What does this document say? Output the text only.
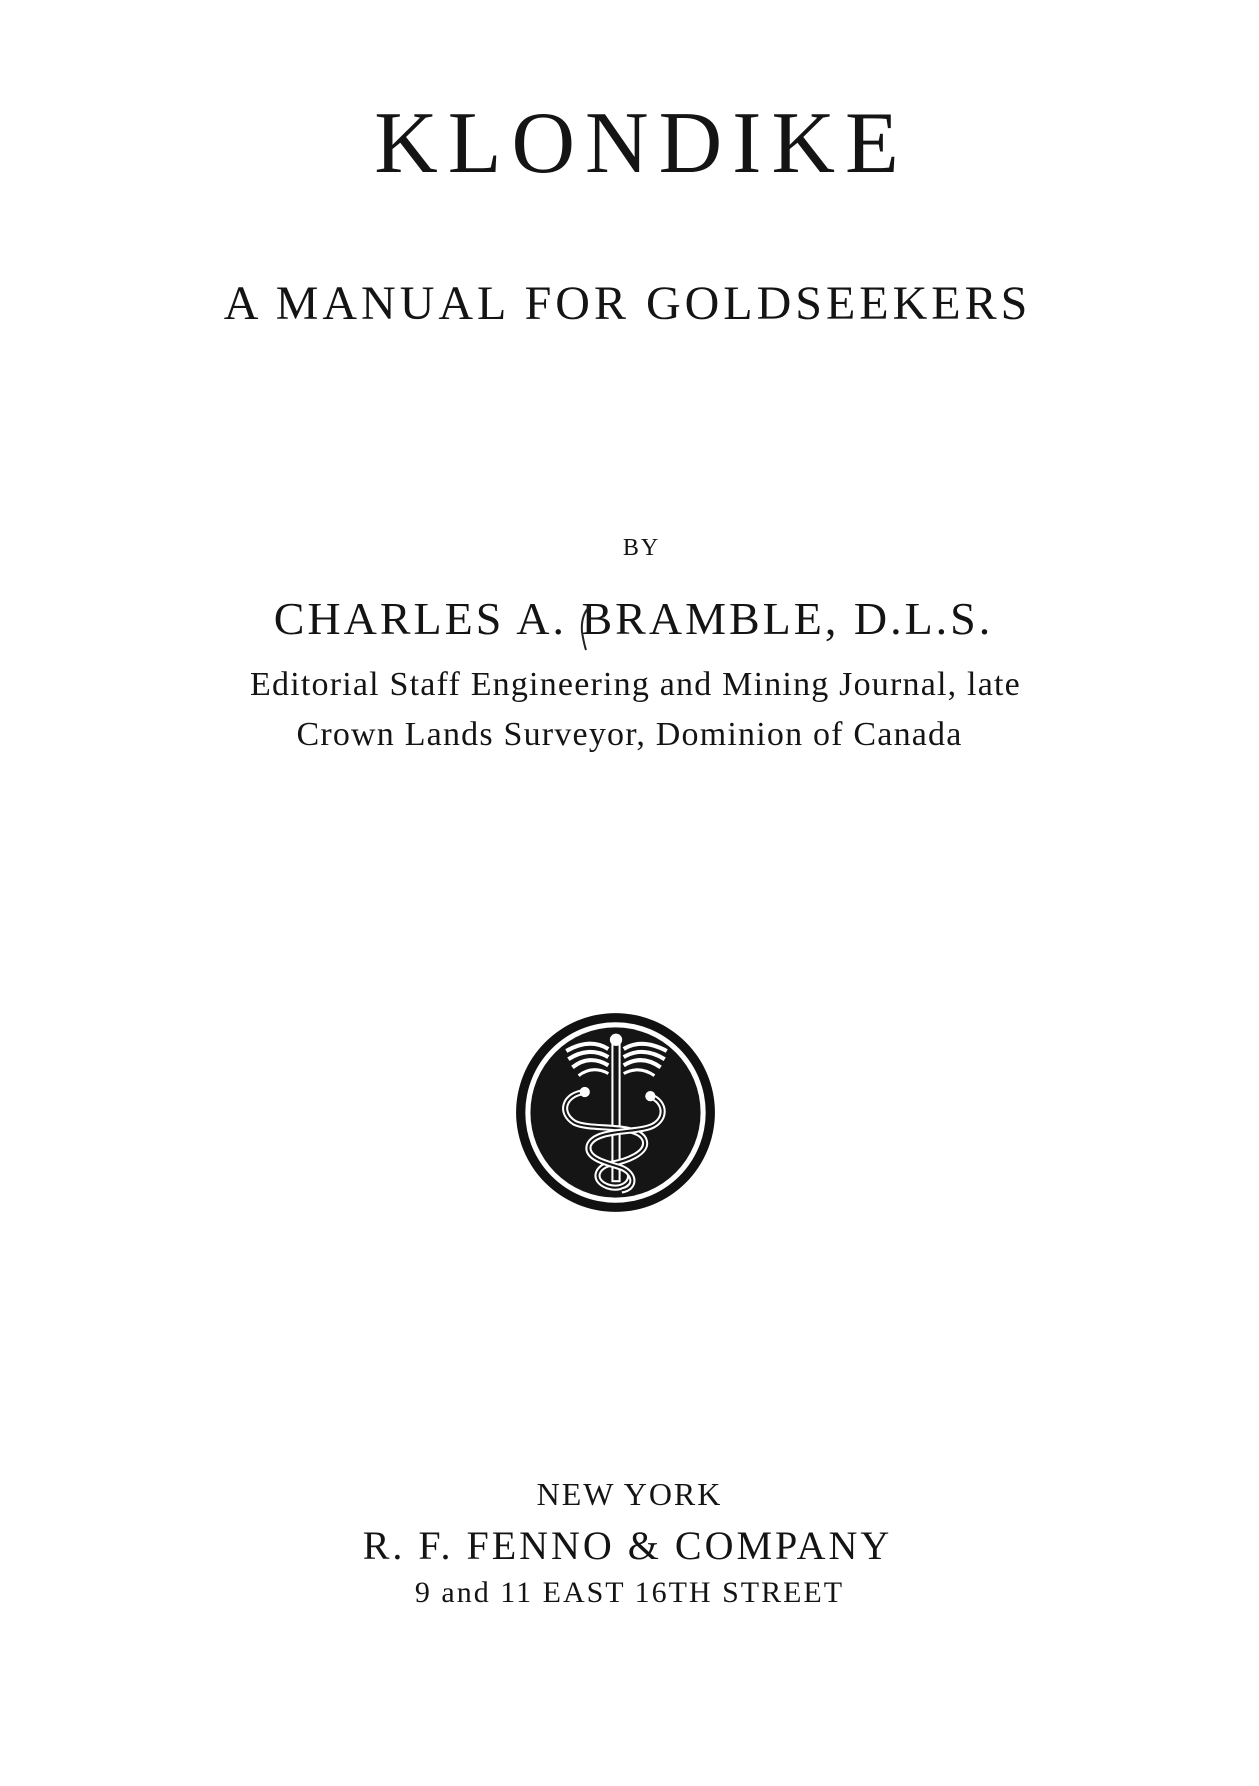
KLONDIKE
A MANUAL FOR GOLDSEEKERS
BY
CHARLES A. BRAMBLE, D.L.S.
Editorial Staff Engineering and Mining Journal, late
Crown Lands Surveyor, Dominion of Canada
NEW YORK
R. F. FENNO & COMPANY
9 and 11 EAST 16TH STREET
